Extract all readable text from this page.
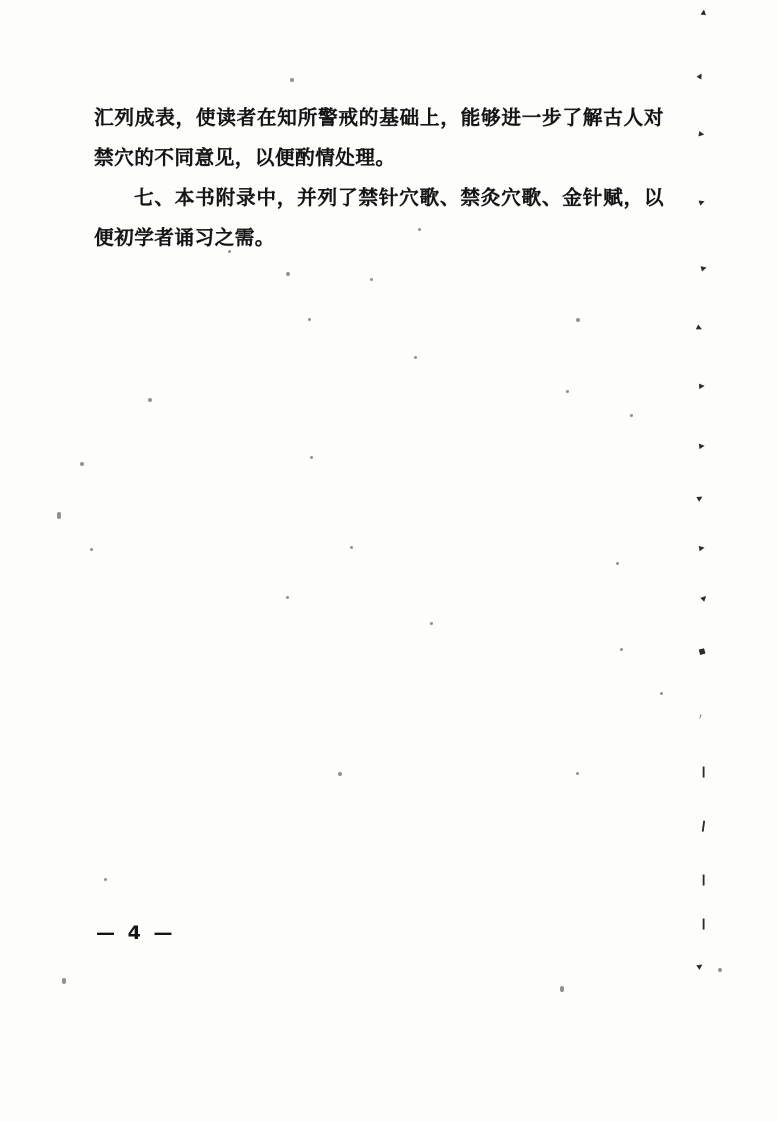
汇列成表，使读者在知所警戒的基础上，能够进一步了解古人对禁穴的不同意见，以便酌情处理。

七、本书附录中，并列了禁针穴歌、禁灸穴歌、金针赋，以便初学者诵习之需。

— 4 —
▴
▸
▸
▸
▸
▸
▸
▸
▸
▸
▸
▪
ᵎ
❙
❙
❙
❙
▸
